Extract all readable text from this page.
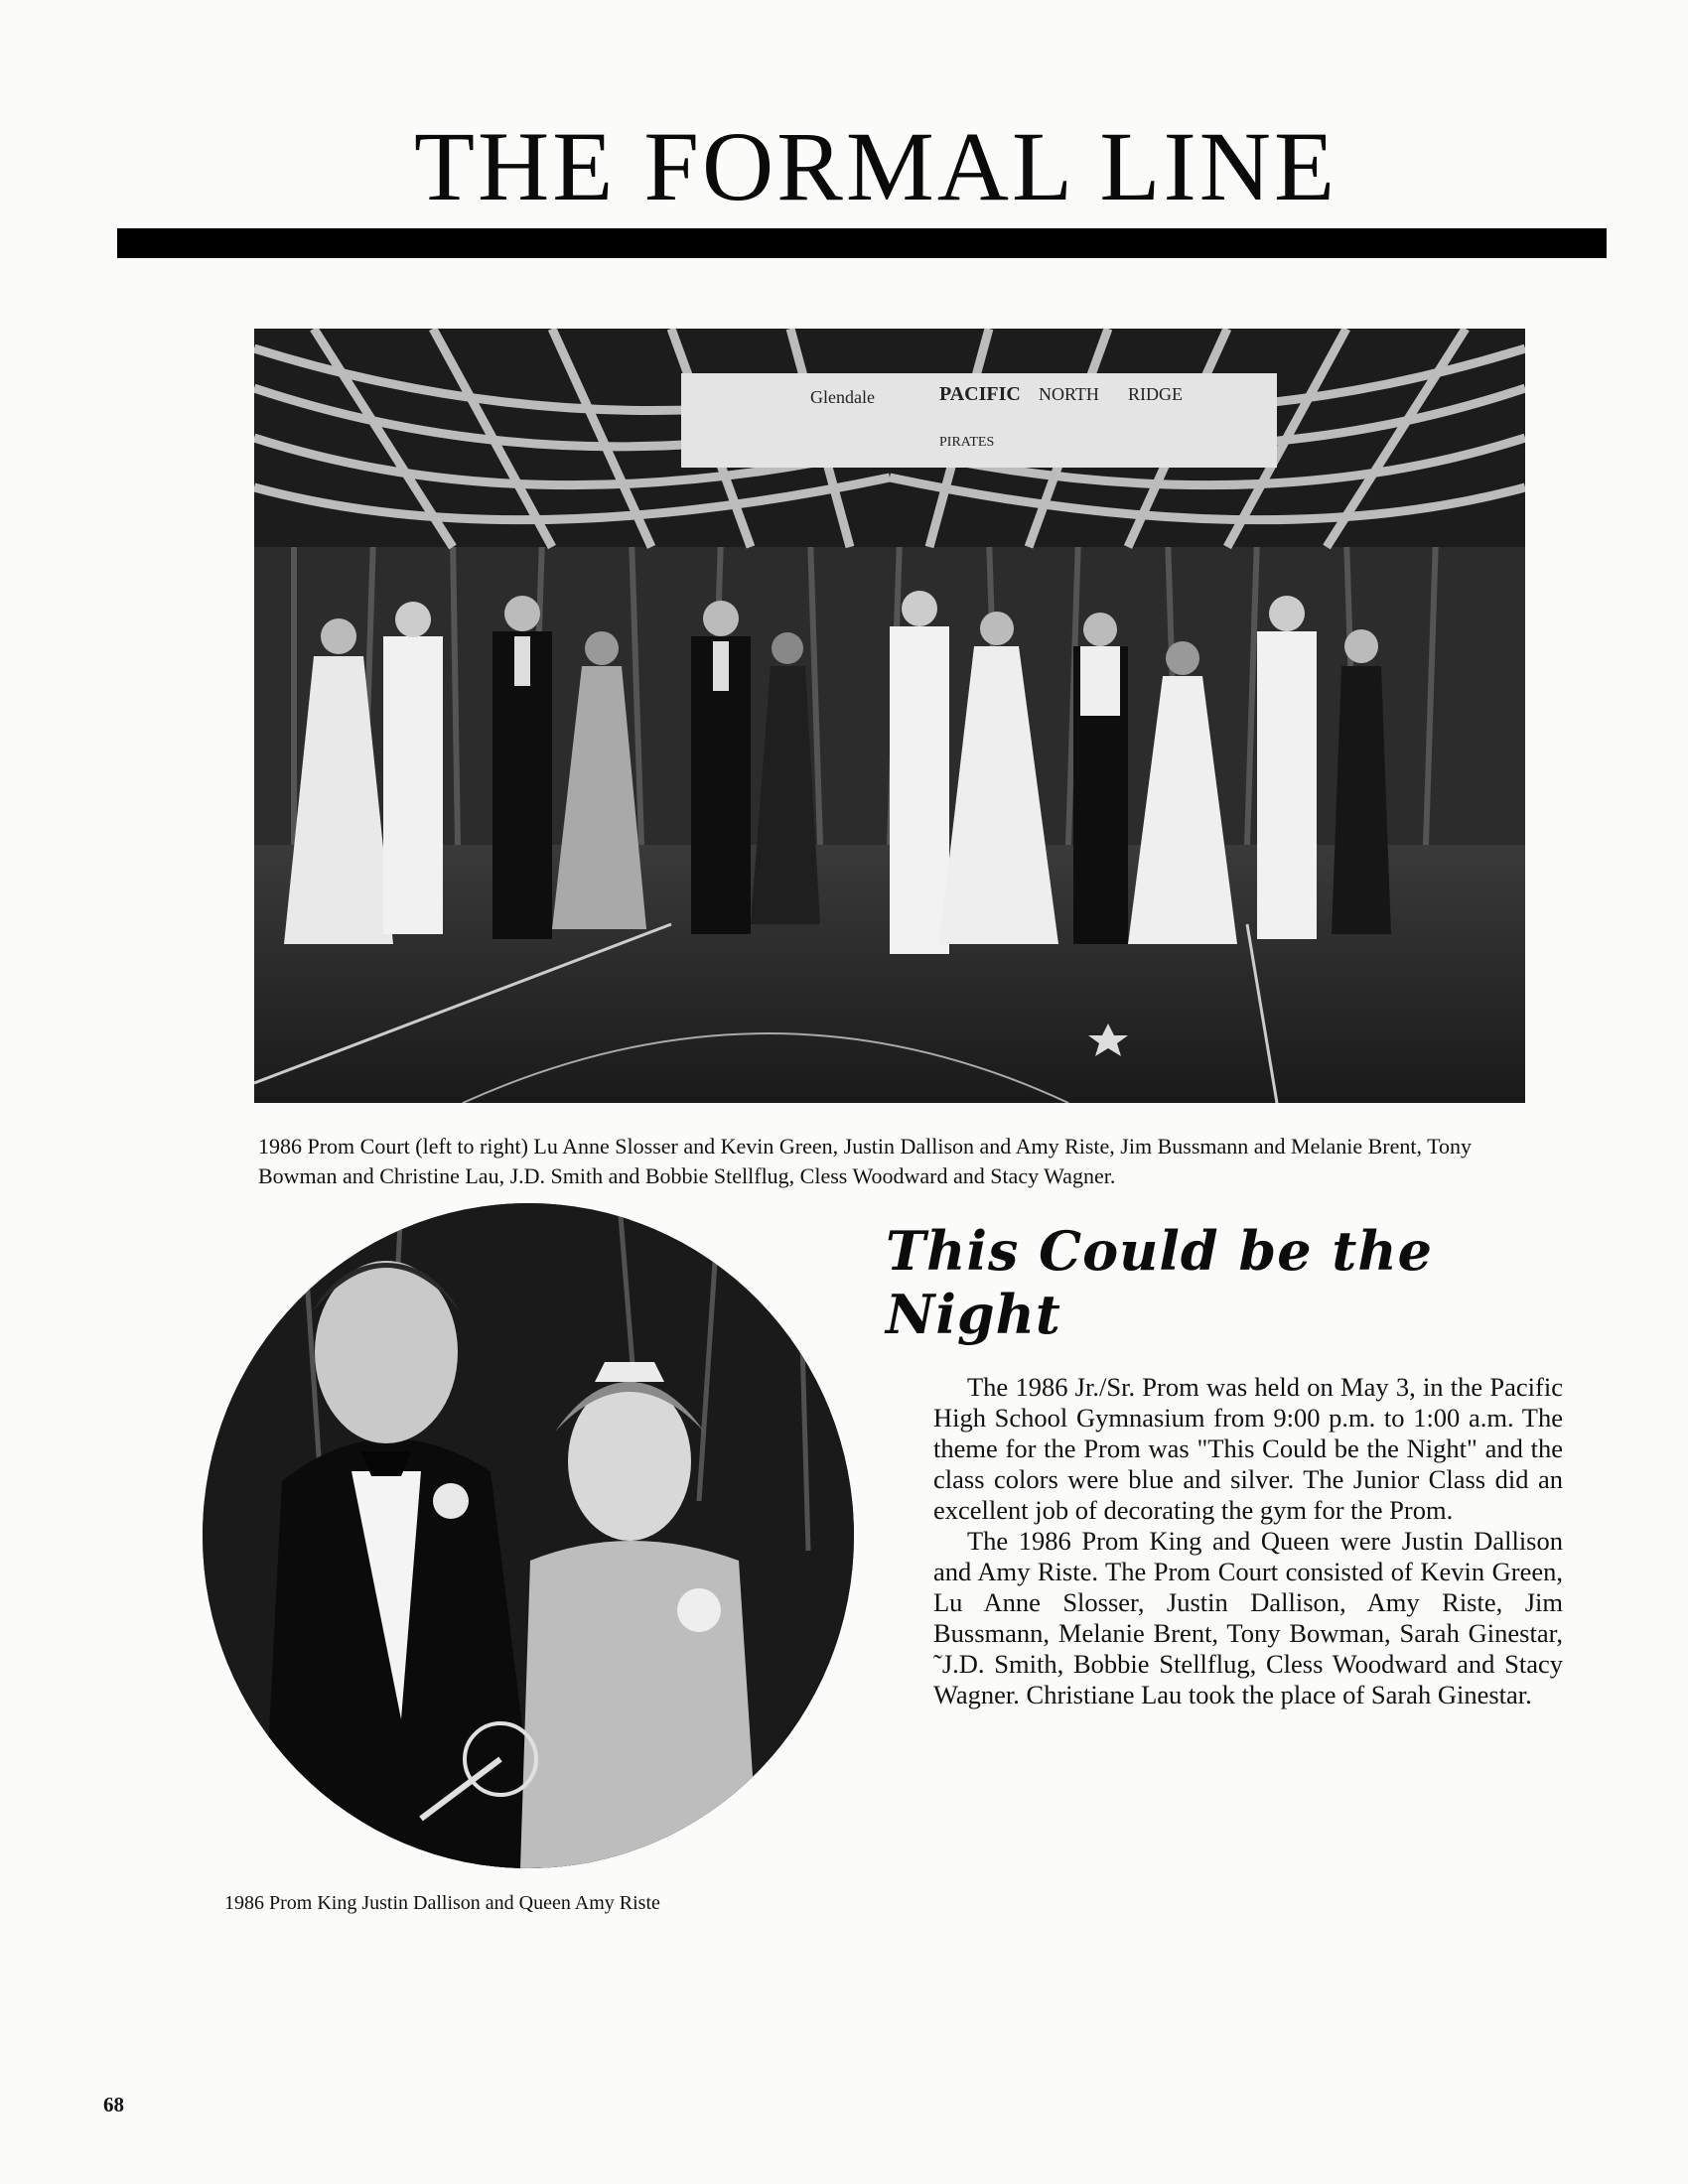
THE FORMAL LINE
Glendale	PACIFIC
PIRATES
NORTH RIDGE

1986 Prom Court (left to right) Lu Anne Slosser and Kevin Green, Justin Dallison and Amy Riste, Jim Bussmann and Melanie Brent, Tony Bowman and Christine Lau, J.D. Smith and Bobbie Stellflug, Cless Woodward and Stacy Wagner.

This Could be the Night

The 1986 Jr./Sr. Prom was held on May 3, in the Pacific High School Gymnasium from 9:00 p.m. to 1:00 a.m. The theme for the Prom was "This Could be the Night" and the class colors were blue and silver. The Junior Class did an excellent job of decorating the gym for the Prom.

The 1986 Prom King and Queen were Justin Dallison and Amy Riste. The Prom Court consisted of Kevin Green, Lu Anne Slosser, Justin Dallison, Amy Riste, Jim Bussmann, Melanie Brent, Tony Bowman, Sarah Ginestar, ˜J.D. Smith, Bobbie Stellflug, Cless Woodward and Stacy Wagner. Christiane Lau took the place of Sarah Ginestar.

1986 Prom King Justin Dallison and Queen Amy Riste

68
